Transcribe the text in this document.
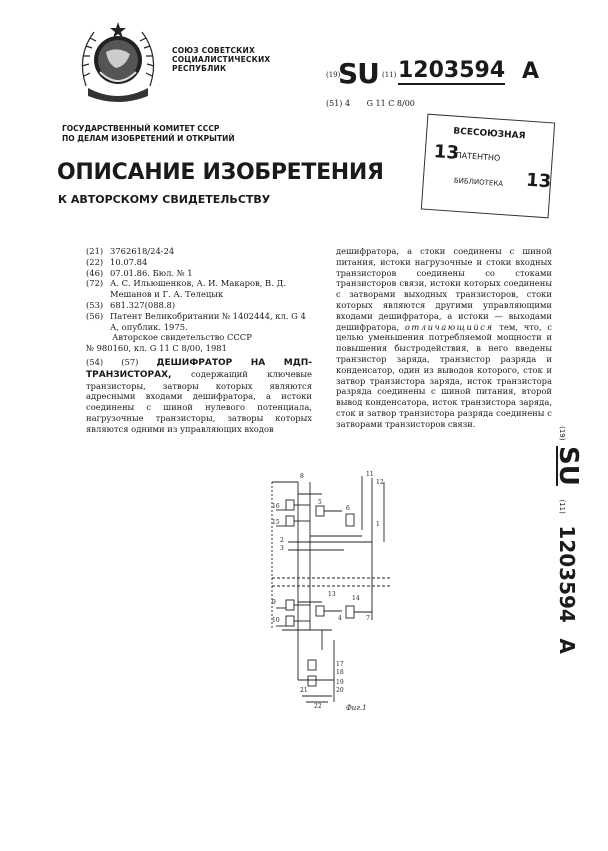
СОЮЗ СОВЕТСКИХ
СОЦИАЛИСТИЧЕСКИХ
РЕСПУБЛИК
(19)
SU (11) 1203594 A
(51) 4 G 11 C 8/00
ГОСУДАРСТВЕННЫЙ КОМИТЕТ СССР
ПО ДЕЛАМ ИЗОБРЕТЕНИЙ И ОТКРЫТИЙ
ОПИСАНИЕ ИЗОБРЕТЕНИЯ
К АВТОРСКОМУ СВИДЕТЕЛЬСТВУ
ВСЕСОЮЗНАЯ
13
ПАТЕНТНО
13
БИБЛИОТЕКА
(21) 3762618/24-24
(22) 10.07.84
(46) 07.01.86. Бюл. № 1
(72) А. С. Ильюшенков, А. И. Макаров, В. Д. Мешанов и Г. А. Телецык
(53) 681.327(088.8)
(56) Патент Великобритании № 1402444, кл. G 4 А, опублик. 1975.
Авторское свидетельство СССР
№ 980160, кл. G 11 C 8/00, 1981
(54) (57) ДЕШИФРАТОР НА МДП-ТРАНЗИСТОРАХ, содержащий ключевые транзисторы, затворы которых являются адресными входами дешифратора, а истоки соединены с шиной нулевого потенциала, нагрузочные транзисторы, затворы которых являются одними из управляющих входов
дешифратора, а стоки соединены с шиной питания, истоки нагрузочные и стоки входных транзисторов соединены со стоками транзисторов связи, истоки которых соединены с затворами выходных транзисторов, стоки которых являются другими управляющими входами дешифратора, а истоки — выходами дешифратора, отличающийся тем, что, с целью уменьшения потребляемой мощности и повышения быстродействия, в него введены транзистор заряда, транзистор разряда и конденсатор, один из выводов которого, сток и затвор транзистора заряда, исток транзистора разряда соединены с шиной питания, второй вывод конденсатора, исток транзистора заряда, сток и затвор транзистора разряда соединены с затворами транзисторов связи.
(19) SU (11) 1203594 A
8	11
12
16
15	1
2
3
5
6
9
10
13
14
4	7
17
18
19
20
21
22	Фиг.1
